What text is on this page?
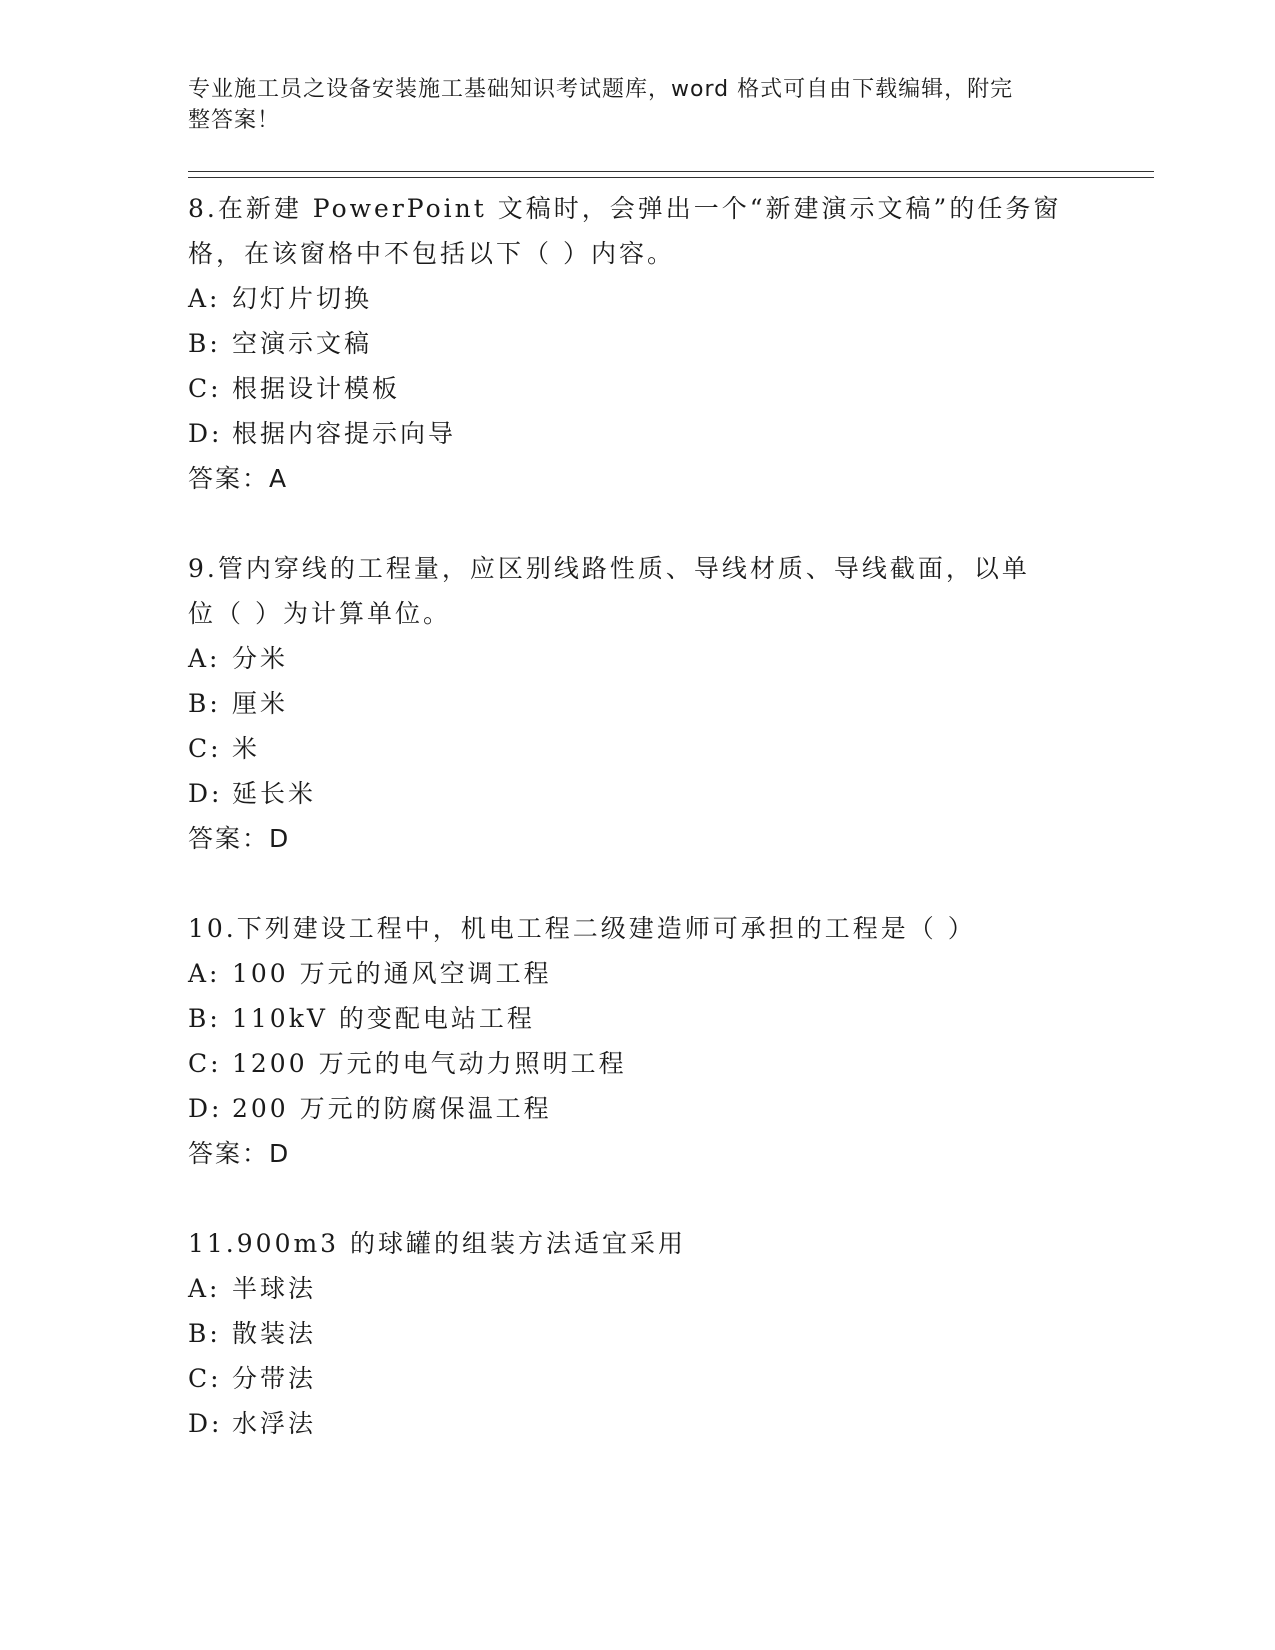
专业施工员之设备安装施工基础知识考试题库，word 格式可自由下载编辑，附完
整答案！
8.在新建 PowerPoint 文稿时，会弹出一个“新建演示文稿”的任务窗
格，在该窗格中不包括以下（ ）内容。
A: 幻灯片切换
B: 空演示文稿
C: 根据设计模板
D: 根据内容提示向导
答案：A
9.管内穿线的工程量，应区别线路性质、导线材质、导线截面，以单
位（ ）为计算单位。
A: 分米
B: 厘米
C: 米
D: 延长米
答案：D
10.下列建设工程中，机电工程二级建造师可承担的工程是（ ）
A: 100 万元的通风空调工程
B: 110kV 的变配电站工程
C: 1200 万元的电气动力照明工程
D: 200 万元的防腐保温工程
答案：D
11.900m3 的球罐的组装方法适宜采用
A: 半球法
B: 散装法
C: 分带法
D: 水浮法
